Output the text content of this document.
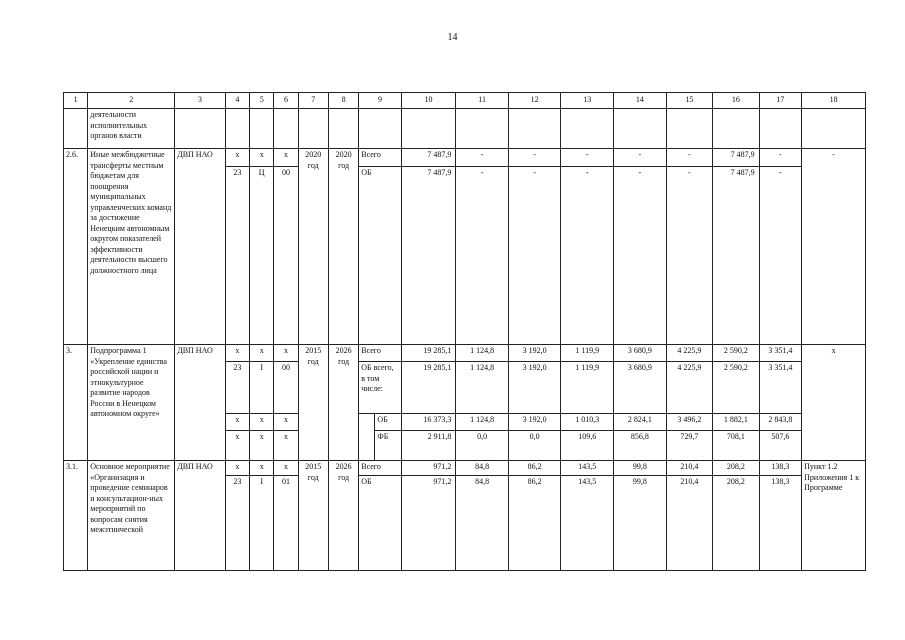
14
1	2	3	4	5	6	7	8	9		10	11	12	13	14	15	16	17	18
	деятельности исполнительных органов власти																	
2.6.	Иные межбюджетные трансферты местным бюджетам для поощрения муниципальных управленческих команд за достижение Ненецким автономным округом показателей эффективности деятельности высшего должностного лица	ДВП НАО	х	х	х	2020 год	2020 год	Всего		7 487,9	-	-	-	-	-	7 487,9	-	-
			23	Ц	00			ОБ		7 487,9	-	-	-	-	-	7 487,9	-	
3.	Подпрограмма 1 «Укрепление единства российской нации и этнокультурное развитие народов России в Ненецком автономном округе»	ДВП НАО	х	х	х	2015 год	2026 год	Всего		19 285,1	1 124,8	3 192,0	1 119,9	3 680,9	4 225,9	2 590,2	3 351,4	х
			23	I	00			ОБ всего, в том числе:		19 285,1	1 124,8	3 192,0	1 119,9	3 680,9	4 225,9	2 590,2	3 351,4	
			х	х	х				ОБ	16 373,3	1 124,8	3 192,0	1 010,3	2 824,1	3 496,2	1 882,1	2 843,8	
			х	х	х				ФБ	2 911,8	0,0	0,0	109,6	856,8	729,7	708,1	507,6	
3.1.	Основное мероприятие «Организация и проведение семинаров и консультацион-ных мероприятий по вопросам снятия межэтнической	ДВП НАО	х	х	х	2015 год	2026 год	Всего		971,2	84,8	86,2	143,5	99,8	210,4	208,2	138,3	Пункт 1.2 Приложения 1 к Программе
			23	I	01			ОБ		971,2	84,8	86,2	143,5	99,8	210,4	208,2	138,3	
